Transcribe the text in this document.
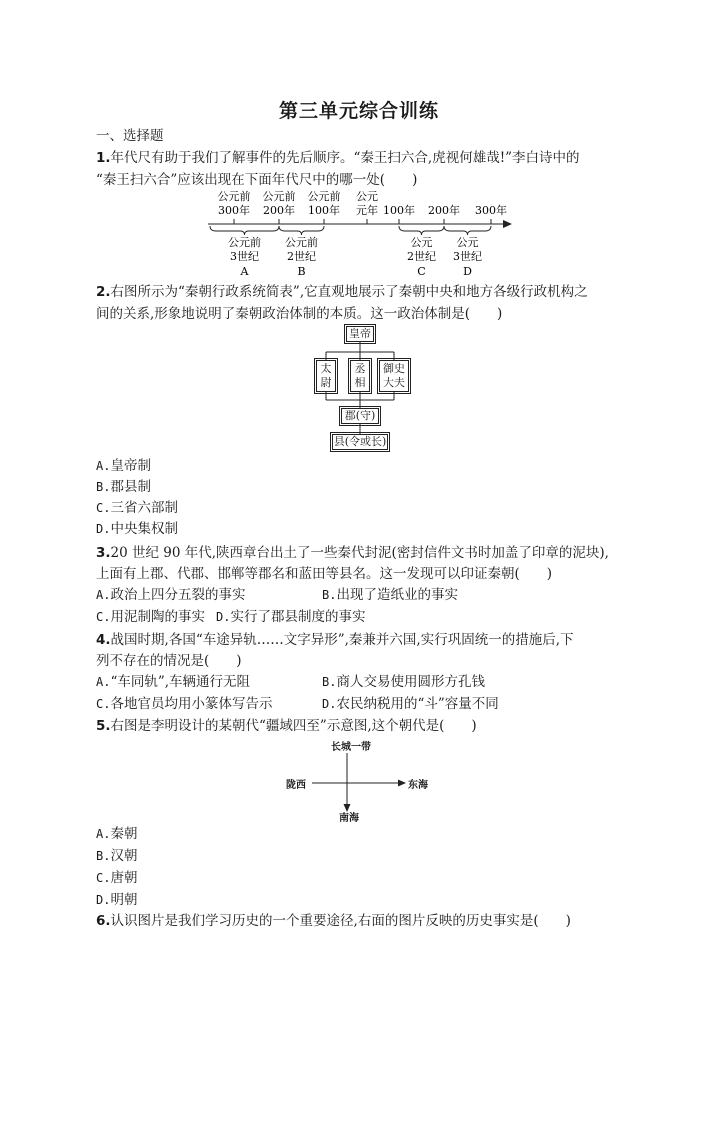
第三单元综合训练
一、选择题
1.年代尺有助于我们了解事件的先后顺序。“秦王扫六合,虎视何雄哉!”李白诗中的
“秦王扫六合”应该出现在下面年代尺中的哪一处(　　)
公元前
300年
公元前
200年
公元前
100年
公元
元年 100年 200年 300年
公元前
3世纪
A
公元前
2世纪
B
公元
2世纪
C
公元
3世纪
D
2.右图所示为“秦朝行政系统简表”,它直观地展示了秦朝中央和地方各级行政机构之
间的关系,形象地说明了秦朝政治体制的本质。这一政治体制是(　　)
皇帝
太
尉
丞
相
御史
大夫
郡(守)
县(令或长)
A.皇帝制
B.郡县制
C.三省六部制
D.中央集权制
3.20 世纪 90 年代,陕西章台出土了一些秦代封泥(密封信件文书时加盖了印章的泥块),
上面有上郡、代郡、邯郸等郡名和蓝田等县名。这一发现可以印证秦朝(　　)
A.政治上四分五裂的事实	B.出现了造纸业的事实
C.用泥制陶的事实 D.实行了郡县制度的事实
4.战国时期,各国“车途异轨……文字异形”,秦兼并六国,实行巩固统一的措施后,下
列不存在的情况是(　　)
A.“车同轨”,车辆通行无阻	B.商人交易使用圆形方孔钱
C.各地官员均用小篆体写告示	D.农民纳税用的“斗”容量不同
5.右图是李明设计的某朝代“疆域四至”示意图,这个朝代是(　　)
长城一带
陇西	东海
南海
A.秦朝
B.汉朝
C.唐朝
D.明朝
6.认识图片是我们学习历史的一个重要途径,右面的图片反映的历史事实是(　　)
